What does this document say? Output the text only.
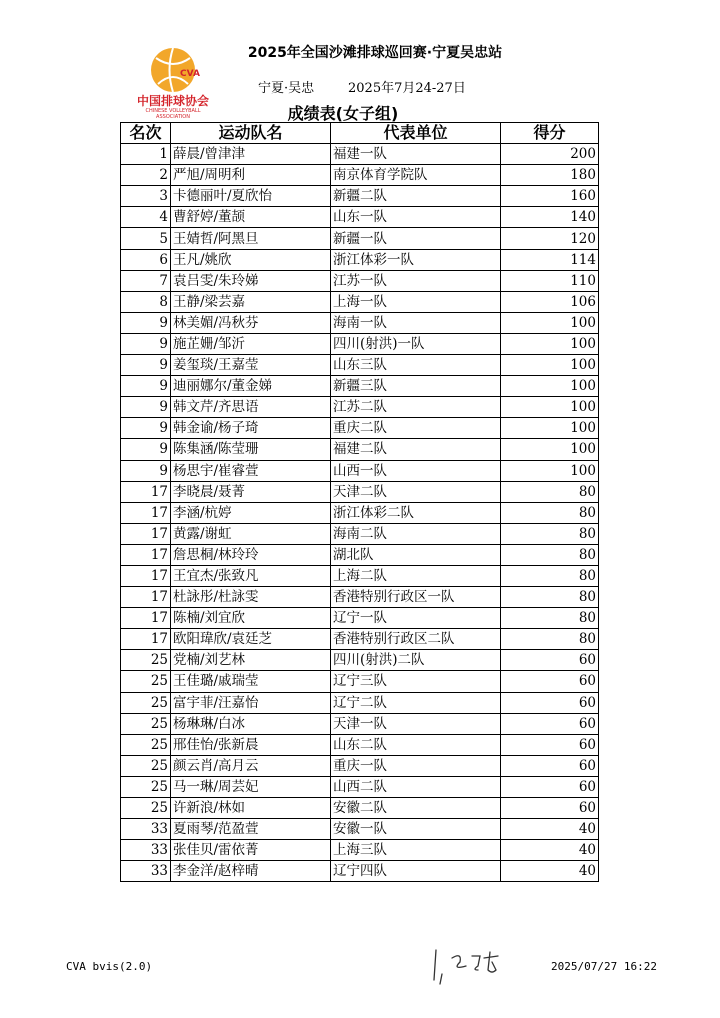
CVA
中国排球协会
CHINESE VOLLEYBALL ASSOCIATION
2025年全国沙滩排球巡回赛·宁夏吴忠站
宁夏·吴忠	2025年7月24-27日
成绩表(女子组)
名次	运动队名	代表单位	得分
1	薛晨/曾津津	福建一队	200
2	严旭/周明利	南京体育学院队	180
3	卡德丽叶/夏欣怡	新疆二队	160
4	曹舒婷/董颉	山东一队	140
5	王婧哲/阿黑旦	新疆一队	120
6	王凡/姚欣	浙江体彩一队	114
7	袁吕雯/朱玲娣	江苏一队	110
8	王静/梁芸嘉	上海一队	106
9	林美媚/冯秋芬	海南一队	100
9	施芷姗/邹沂	四川(射洪)一队	100
9	姜玺琰/王嘉莹	山东三队	100
9	迪丽娜尔/董金娣	新疆三队	100
9	韩文芹/齐思语	江苏二队	100
9	韩金谕/杨子琦	重庆二队	100
9	陈集涵/陈莹珊	福建二队	100
9	杨思宇/崔睿萱	山西一队	100
17	李晓晨/聂菁	天津二队	80
17	李涵/杭婷	浙江体彩二队	80
17	黄露/谢虹	海南二队	80
17	詹思桐/林玲玲	湖北队	80
17	王宜杰/张致凡	上海二队	80
17	杜詠彤/杜詠雯	香港特别行政区一队	80
17	陈楠/刘宜欣	辽宁一队	80
17	欧阳瑋欣/袁廷芝	香港特别行政区二队	80
25	党楠/刘艺林	四川(射洪)二队	60
25	王佳璐/戚瑞莹	辽宁三队	60
25	富宇菲/汪嘉怡	辽宁二队	60
25	杨琳琳/白冰	天津一队	60
25	邢佳怡/张新晨	山东二队	60
25	颜云肖/高月云	重庆一队	60
25	马一琳/周芸妃	山西二队	60
25	许新浪/林如	安徽二队	60
33	夏雨琴/范盈萱	安徽一队	40
33	张佳贝/雷依菁	上海三队	40
33	李金洋/赵梓晴	辽宁四队	40
CVA bvis(2.0)	2025/07/27 16:22
